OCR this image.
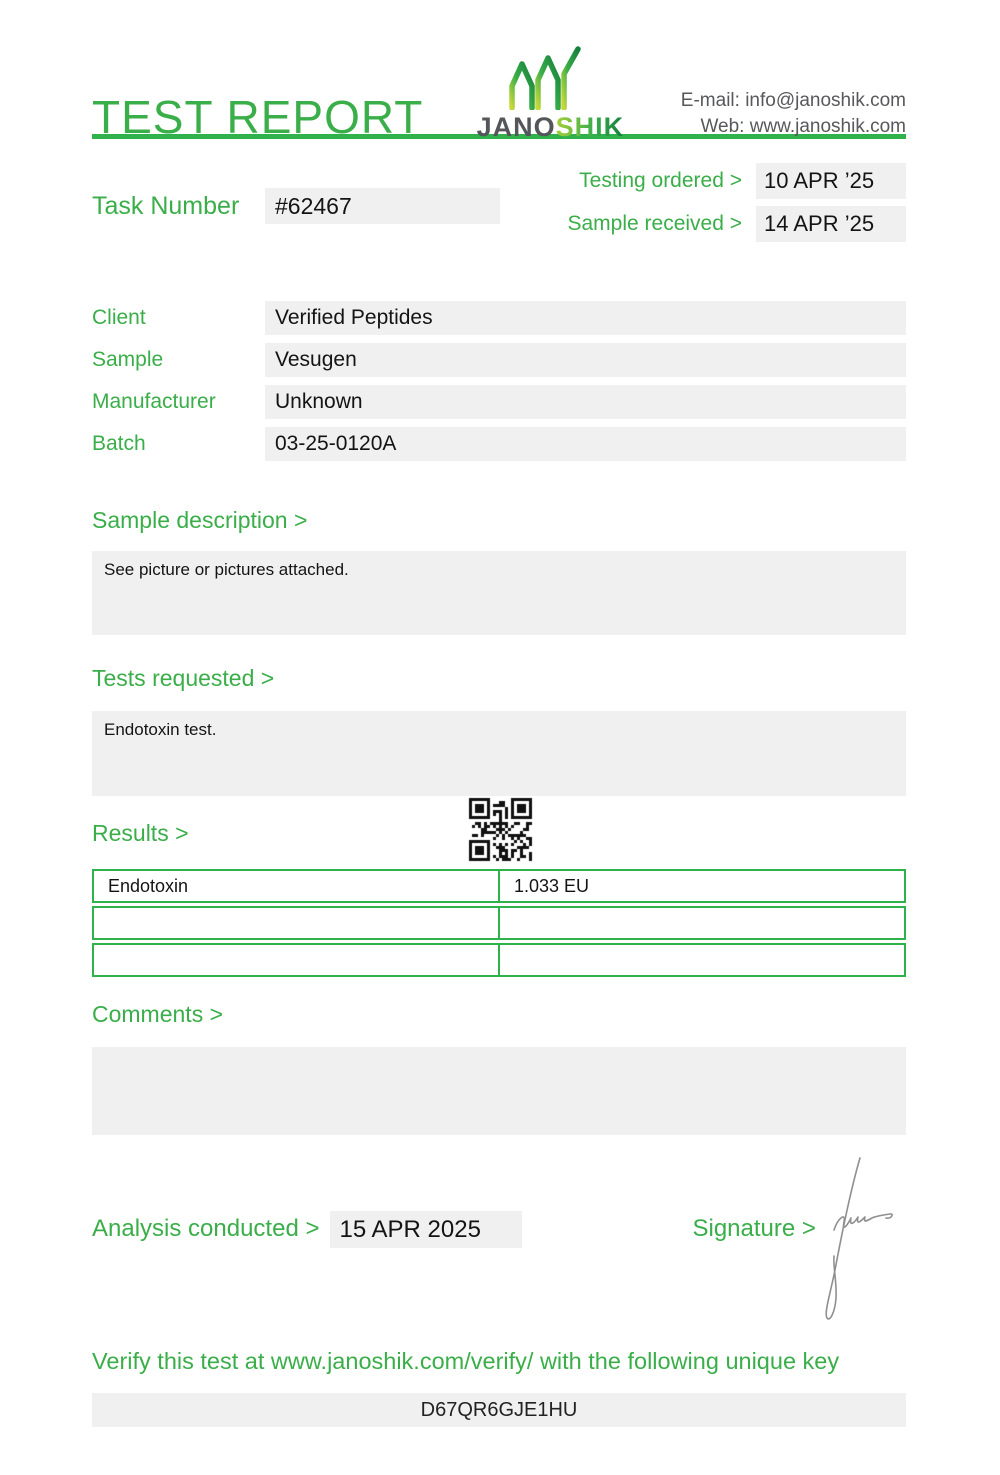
TEST REPORT JANOSHIK
E-mail: info@janoshik.com
Web: www.janoshik.com
Task Number	#62467
Testing ordered >	10 APR ’25
Sample received >	14 APR ’25
Client	Verified Peptides
Sample	Vesugen
Manufacturer	Unknown
Batch	03-25-0120A
Sample description >
See picture or pictures attached.
Tests requested >
Endotoxin test.
Results >
Endotoxin	1.033 EU
Comments >
Analysis conducted > 15 APR 2025	Signature >
Verify this test at www.janoshik.com/verify/ with the following unique key
D67QR6GJE1HU
